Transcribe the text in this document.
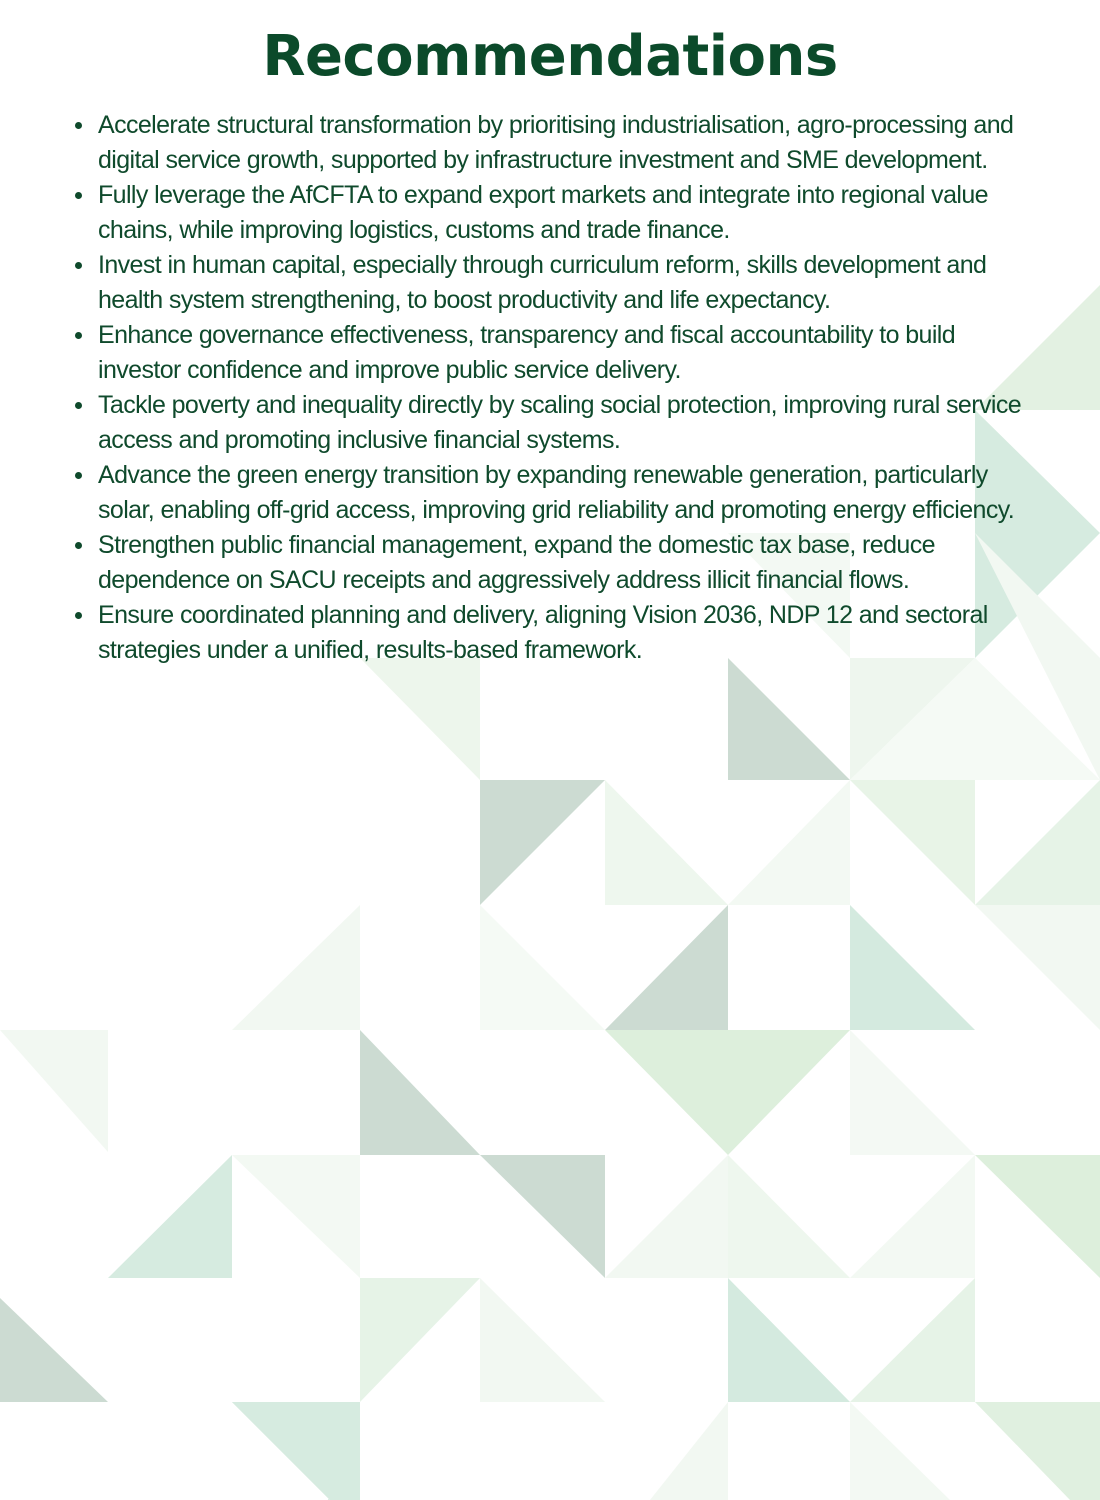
Recommendations
Accelerate structural transformation by prioritising industrialisation, agro-processing and digital service growth, supported by infrastructure investment and SME development.
Fully leverage the AfCFTA to expand export markets and integrate into regional value chains, while improving logistics, customs and trade finance.
Invest in human capital, especially through curriculum reform, skills development and health system strengthening, to boost productivity and life expectancy.
Enhance governance effectiveness, transparency and fiscal accountability to build investor confidence and improve public service delivery.
Tackle poverty and inequality directly by scaling social protection, improving rural service access and promoting inclusive financial systems.
Advance the green energy transition by expanding renewable generation, particularly solar, enabling off-grid access, improving grid reliability and promoting energy efficiency.
Strengthen public financial management, expand the domestic tax base, reduce dependence on SACU receipts and aggressively address illicit financial flows.
Ensure coordinated planning and delivery, aligning Vision 2036, NDP 12 and sectoral strategies under a unified, results-based framework.
